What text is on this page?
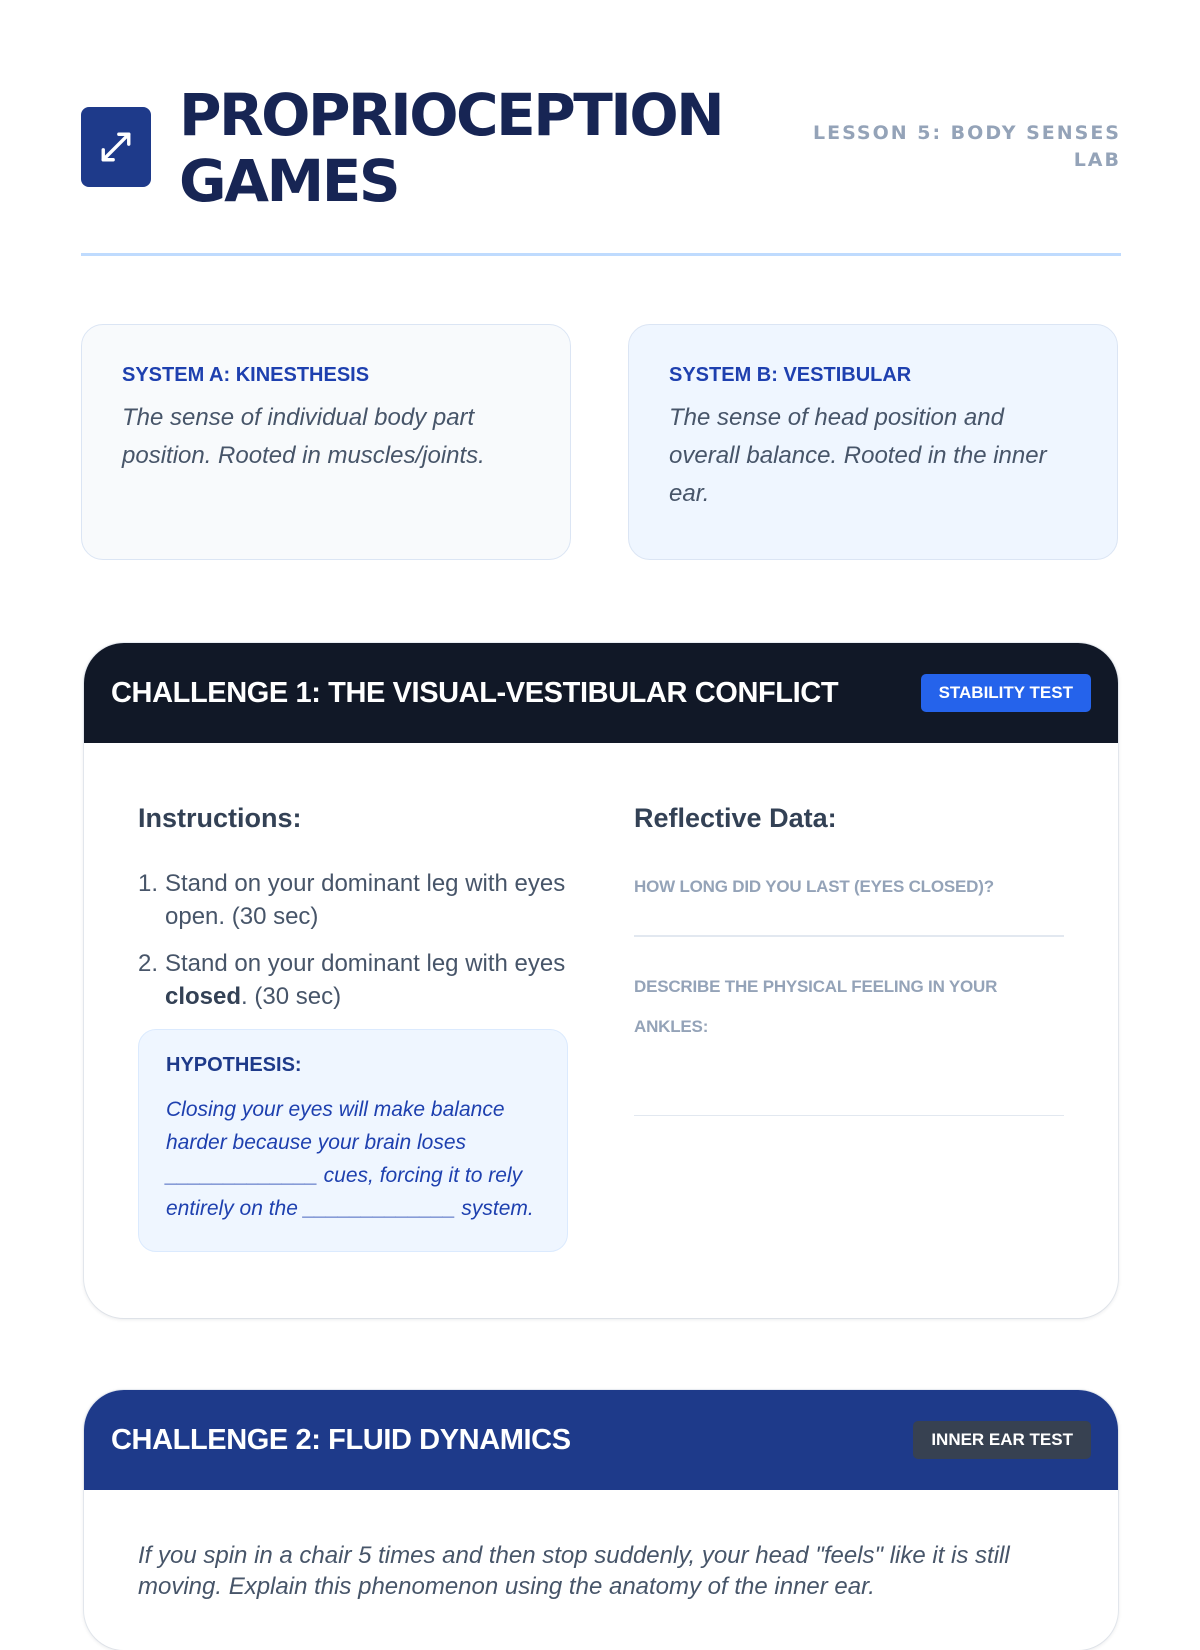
PROPRIOCEPTION
GAMES
LESSON 5: BODY SENSES
LAB

SYSTEM A: KINESTHESIS

The sense of individual body part position. Rooted in muscles/joints.

SYSTEM B: VESTIBULAR

The sense of head position and overall balance. Rooted in the inner ear.

CHALLENGE 1: THE VISUAL-VESTIBULAR CONFLICT	STABILITY TEST

Instructions:

1. Stand on your dominant leg with eyes open. (30 sec)
2. Stand on your dominant leg with eyes closed. (30 sec)

HYPOTHESIS:

Closing your eyes will make balance harder because your brain loses _____________ cues, forcing it to rely entirely on the _____________ system.

Reflective Data:

HOW LONG DID YOU LAST (EYES CLOSED)?

DESCRIBE THE PHYSICAL FEELING IN YOUR ANKLES:

CHALLENGE 2: FLUID DYNAMICS	INNER EAR TEST

If you spin in a chair 5 times and then stop suddenly, your head "feels" like it is still moving. Explain this phenomenon using the anatomy of the inner ear.
